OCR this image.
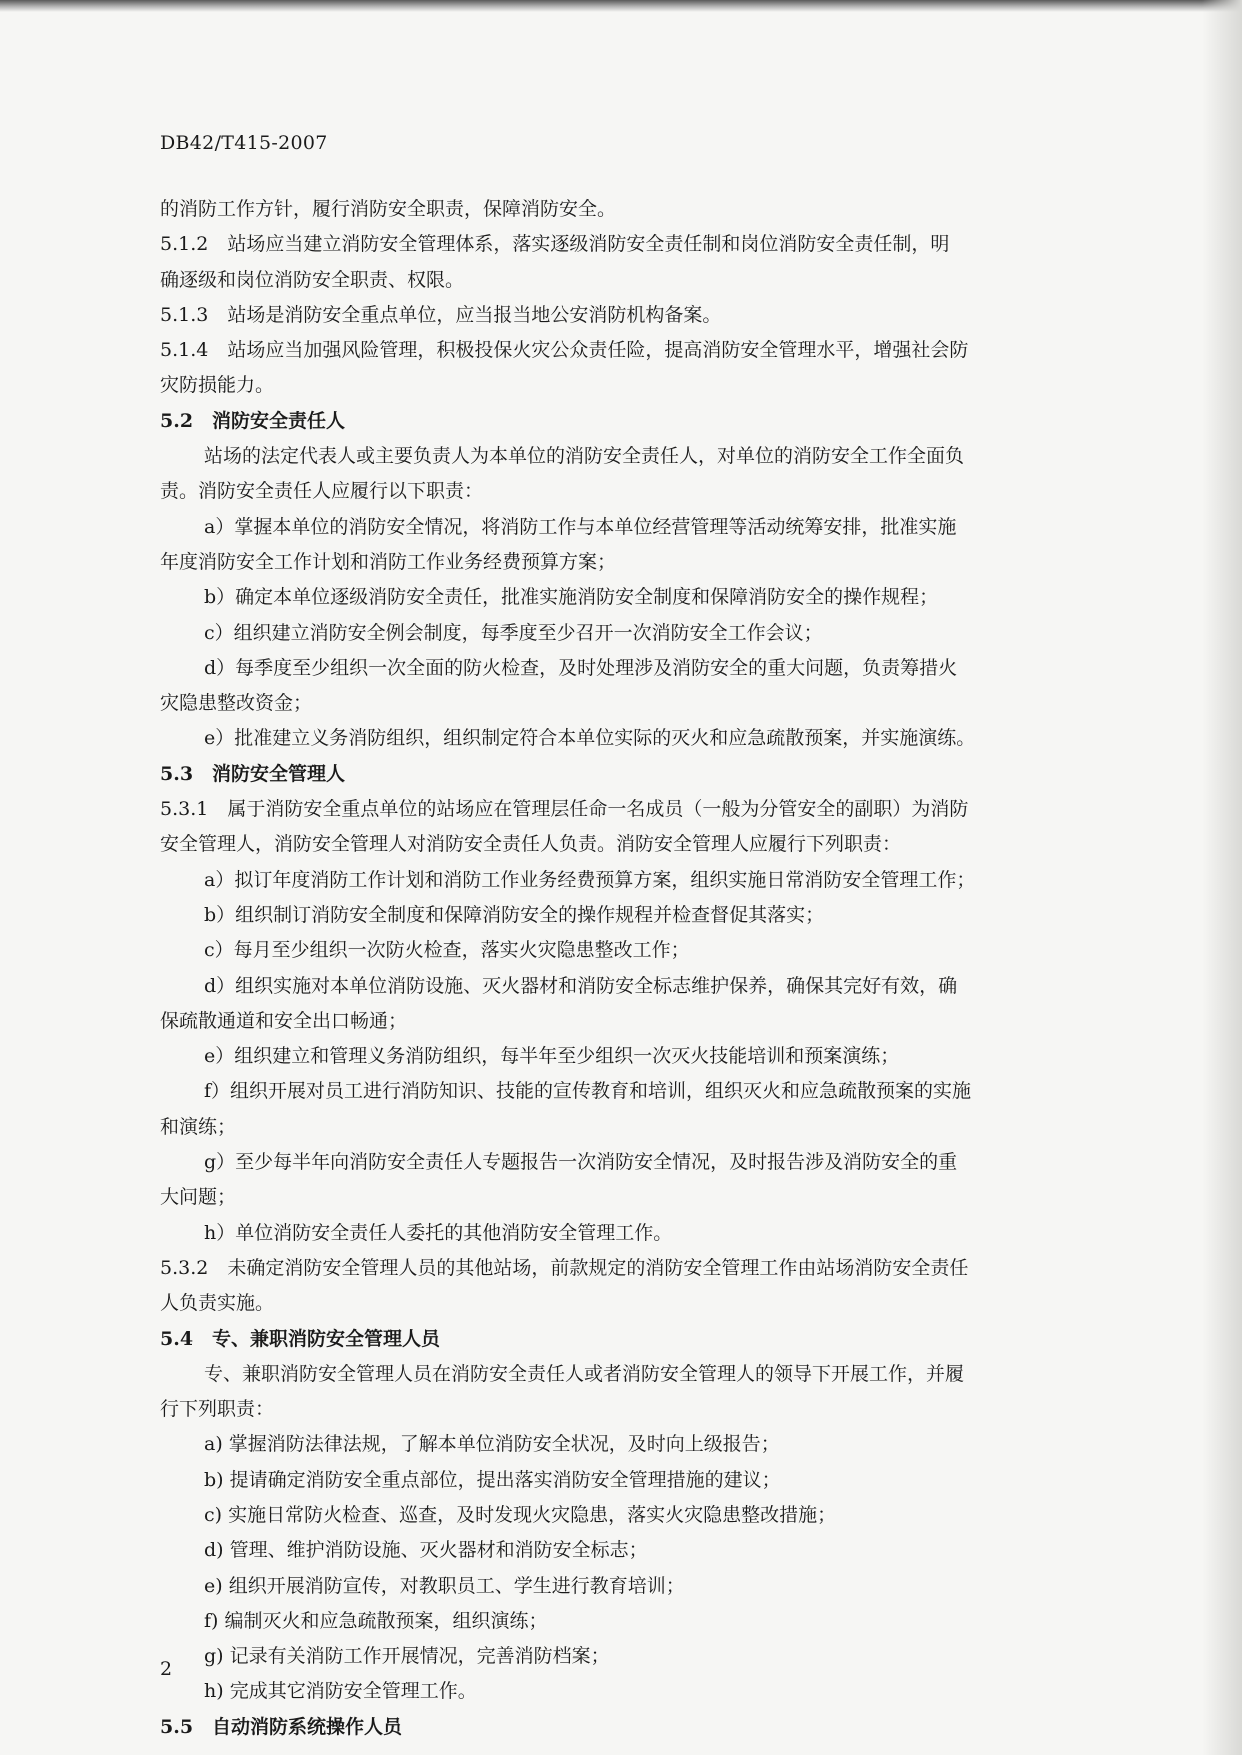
DB42/T415-2007
的消防工作方针，履行消防安全职责，保障消防安全。
5.1.2　站场应当建立消防安全管理体系，落实逐级消防安全责任制和岗位消防安全责任制，明
确逐级和岗位消防安全职责、权限。
5.1.3　站场是消防安全重点单位，应当报当地公安消防机构备案。
5.1.4　站场应当加强风险管理，积极投保火灾公众责任险，提高消防安全管理水平，增强社会防
灾防损能力。
5.2　消防安全责任人
站场的法定代表人或主要负责人为本单位的消防安全责任人，对单位的消防安全工作全面负
责。消防安全责任人应履行以下职责：
a）掌握本单位的消防安全情况，将消防工作与本单位经营管理等活动统筹安排，批准实施
年度消防安全工作计划和消防工作业务经费预算方案；
b）确定本单位逐级消防安全责任，批准实施消防安全制度和保障消防安全的操作规程；
c）组织建立消防安全例会制度，每季度至少召开一次消防安全工作会议；
d）每季度至少组织一次全面的防火检查，及时处理涉及消防安全的重大问题，负责筹措火
灾隐患整改资金；
e）批准建立义务消防组织，组织制定符合本单位实际的灭火和应急疏散预案，并实施演练。
5.3　消防安全管理人
5.3.1　属于消防安全重点单位的站场应在管理层任命一名成员（一般为分管安全的副职）为消防
安全管理人，消防安全管理人对消防安全责任人负责。消防安全管理人应履行下列职责：
a）拟订年度消防工作计划和消防工作业务经费预算方案，组织实施日常消防安全管理工作；
b）组织制订消防安全制度和保障消防安全的操作规程并检查督促其落实；
c）每月至少组织一次防火检查，落实火灾隐患整改工作；
d）组织实施对本单位消防设施、灭火器材和消防安全标志维护保养，确保其完好有效，确
保疏散通道和安全出口畅通；
e）组织建立和管理义务消防组织，每半年至少组织一次灭火技能培训和预案演练；
f）组织开展对员工进行消防知识、技能的宣传教育和培训，组织灭火和应急疏散预案的实施
和演练；
g）至少每半年向消防安全责任人专题报告一次消防安全情况，及时报告涉及消防安全的重
大问题；
h）单位消防安全责任人委托的其他消防安全管理工作。
5.3.2　未确定消防安全管理人员的其他站场，前款规定的消防安全管理工作由站场消防安全责任
人负责实施。
5.4　专、兼职消防安全管理人员
专、兼职消防安全管理人员在消防安全责任人或者消防安全管理人的领导下开展工作，并履
行下列职责：
a) 掌握消防法律法规，了解本单位消防安全状况，及时向上级报告；
b) 提请确定消防安全重点部位，提出落实消防安全管理措施的建议；
c) 实施日常防火检查、巡查，及时发现火灾隐患，落实火灾隐患整改措施；
d) 管理、维护消防设施、灭火器材和消防安全标志；
e) 组织开展消防宣传，对教职员工、学生进行教育培训；
f) 编制灭火和应急疏散预案，组织演练；
g) 记录有关消防工作开展情况，完善消防档案；
h) 完成其它消防安全管理工作。
5.5　自动消防系统操作人员
2
